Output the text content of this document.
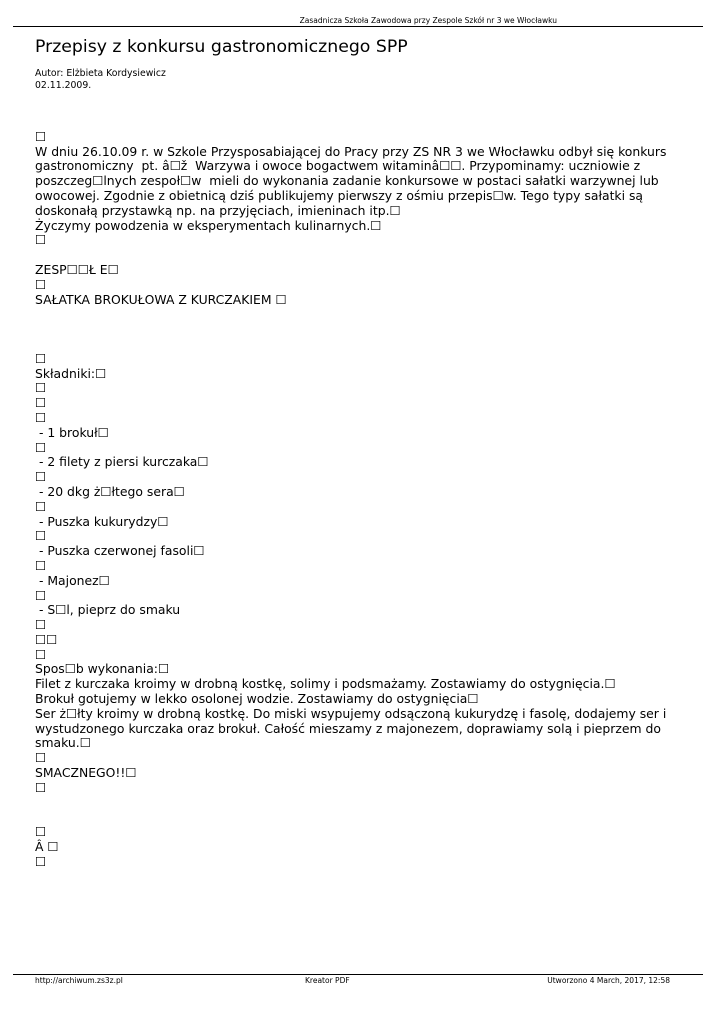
Zasadnicza Szkoła Zawodowa przy Zespole Szkół nr 3 we Włocławku
Przepisy z konkursu gastronomicznego SPP
Autor: Elżbieta Kordysiewicz
02.11.2009.
☐
W dniu 26.10.09 r. w Szkole Przysposabiającej do Pracy przy ZS NR 3 we Włocławku odbył się konkurs
gastronomiczny  pt. â☐ž  Warzywa i owoce bogactwem witaminâ☐☐. Przypominamy: uczniowie z
poszczeg☐lnych zespoł☐w  mieli do wykonania zadanie konkursowe w postaci sałatki warzywnej lub
owocowej. Zgodnie z obietnicą dziś publikujemy pierwszy z ośmiu przepis☐w. Tego typy sałatki są
doskonałą przystawką np. na przyjęciach, imieninach itp.☐
Życzymy powodzenia w eksperymentach kulinarnych.☐
☐
ZESP☐☐Ł E☐
☐
SAŁATKA BROKUŁOWA Z KURCZAKIEM ☐
☐
Składniki:☐
☐
☐
☐
- 1 brokuł☐
☐
- 2 filety z piersi kurczaka☐
☐
- 20 dkg ż☐łtego sera☐
☐
- Puszka kukurydzy☐
☐
- Puszka czerwonej fasoli☐
☐
- Majonez☐
☐
- S☐l, pieprz do smaku
☐
☐☐
☐
Spos☐b wykonania:☐
Filet z kurczaka kroimy w drobną kostkę, solimy i podsmażamy. Zostawiamy do ostygnięcia.☐
Brokuł gotujemy w lekko osolonej wodzie. Zostawiamy do ostygnięcia☐
Ser ż☐łty kroimy w drobną kostkę. Do miski wsypujemy odsączoną kukurydzę i fasolę, dodajemy ser i
wystudzonego kurczaka oraz brokuł. Całość mieszamy z majonezem, doprawiamy solą i pieprzem do
smaku.☐
☐
SMACZNEGO!!☐
☐
☐
Â ☐
☐
http://archiwum.zs3z.pl	Kreator PDF	Utworzono 4 March, 2017, 12:58
